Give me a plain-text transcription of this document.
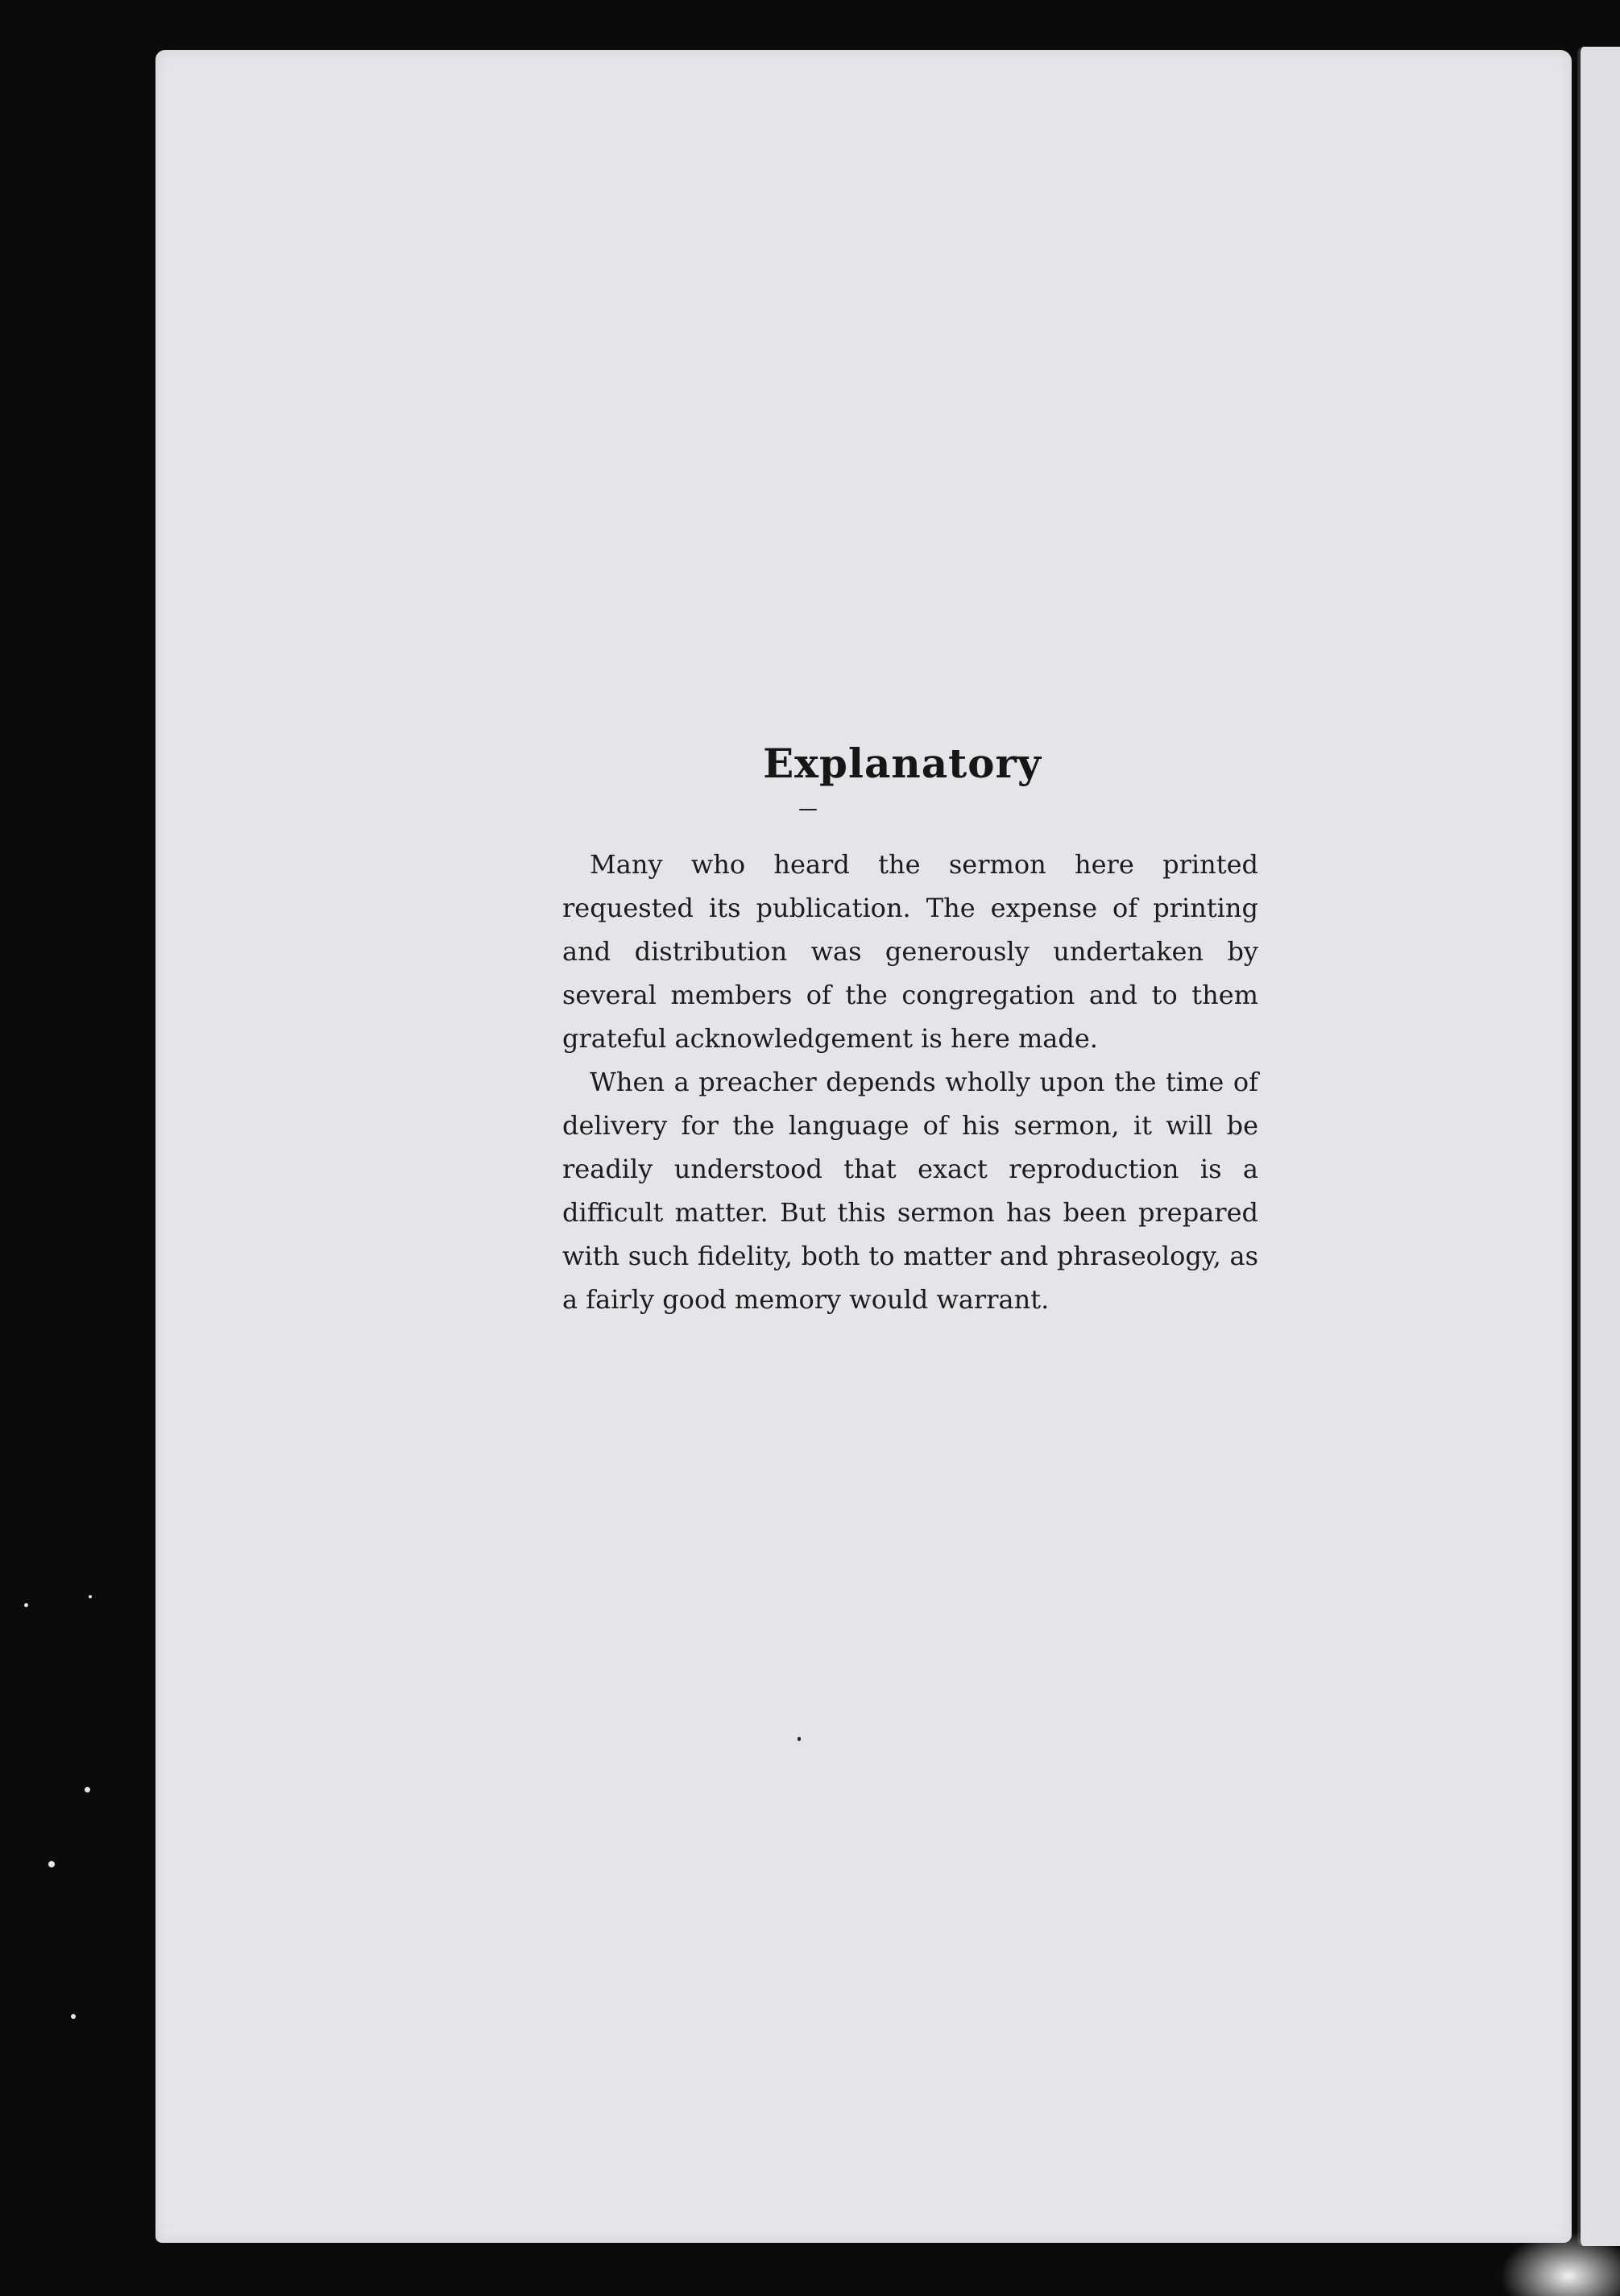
Explanatory

Many who heard the sermon here printed requested its publication. The expense of printing and distribution was generously undertaken by several members of the congregation and to them grateful acknowledgement is here made.

When a preacher depends wholly upon the time of delivery for the language of his sermon, it will be readily understood that exact reproduction is a difficult matter. But this sermon has been prepared with such fidelity, both to matter and phraseology, as a fairly good memory would warrant.
